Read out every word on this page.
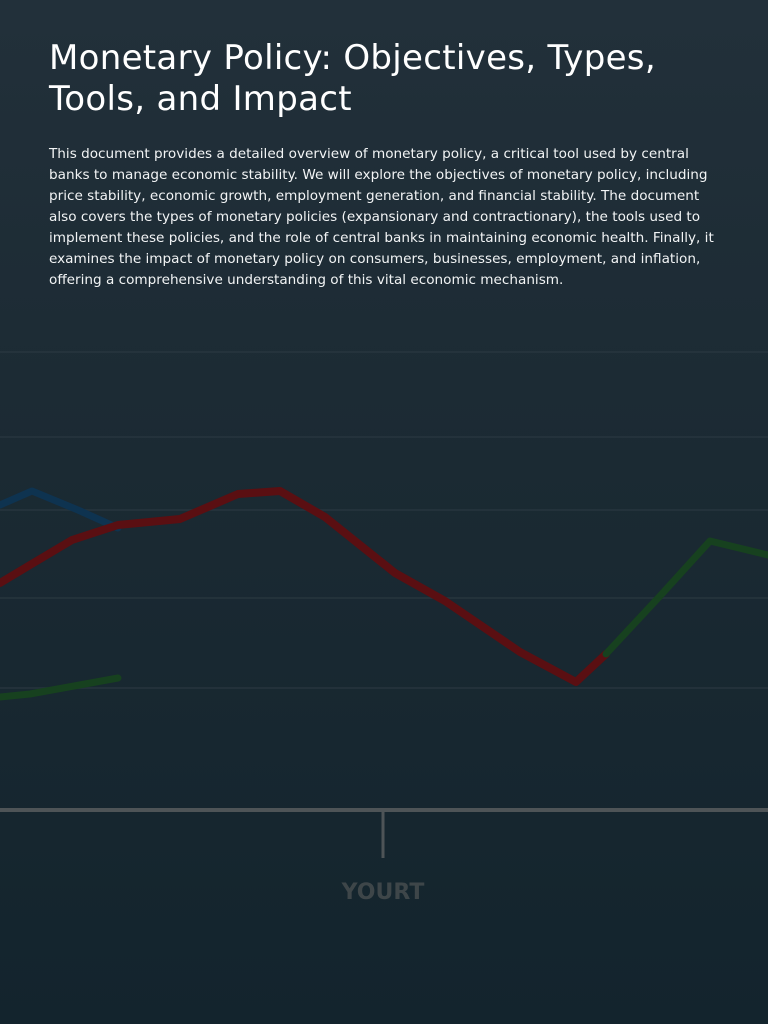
YOURT
Monetary Policy: Objectives, Types, Tools, and Impact

This document provides a detailed overview of monetary policy, a critical tool used by central banks to manage economic stability. We will explore the objectives of monetary policy, including price stability, economic growth, employment generation, and financial stability. The document also covers the types of monetary policies (expansionary and contractionary), the tools used to implement these policies, and the role of central banks in maintaining economic health. Finally, it examines the impact of monetary policy on consumers, businesses, employment, and inflation, offering a comprehensive understanding of this vital economic mechanism.
